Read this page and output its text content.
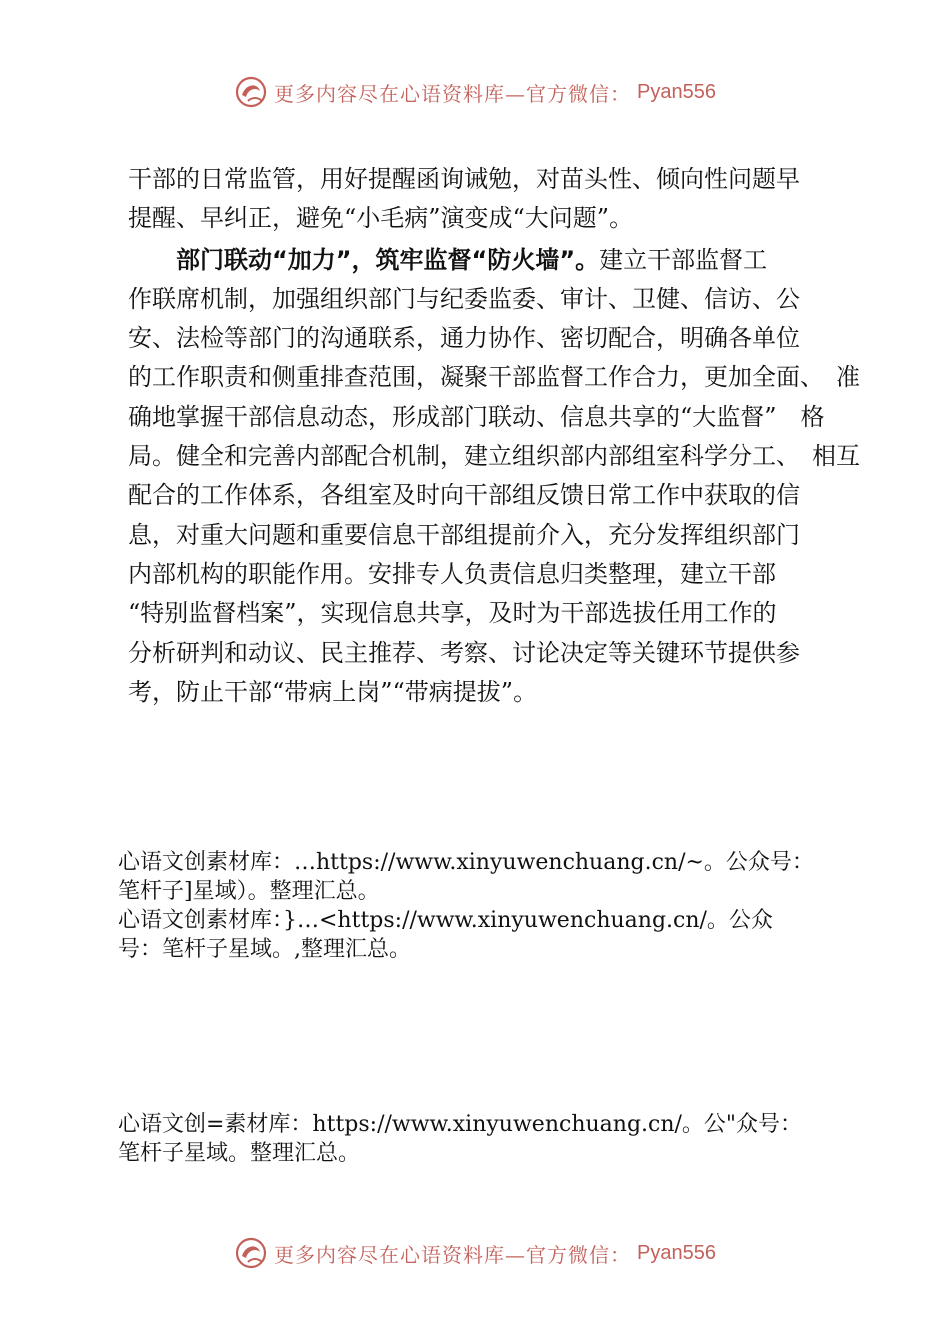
更多内容尽在心语资料库—官方微信： Pyan556
干部的日常监管，用好提醒函询诫勉，对苗头性、倾向性问题早
提醒、早纠正，避免“小毛病”演变成“大问题”。
部门联动“加力”，筑牢监督“防火墙”。建立干部监督工
作联席机制，加强组织部门与纪委监委、审计、卫健、信访、公
安、法检等部门的沟通联系，通力协作、密切配合，明确各单位
的工作职责和侧重排查范围，凝聚干部监督工作合力，更加全面、　准
确地掌握干部信息动态，形成部门联动、信息共享的“大监督”　格
局。健全和完善内部配合机制，建立组织部内部组室科学分工、　相互
配合的工作体系，各组室及时向干部组反馈日常工作中获取的信
息，对重大问题和重要信息干部组提前介入，充分发挥组织部门
内部机构的职能作用。安排专人负责信息归类整理，建立干部
“特别监督档案”，实现信息共享，及时为干部选拔任用工作的
分析研判和动议、民主推荐、考察、讨论决定等关键环节提供参
考，防止干部“带病上岗”“带病提拔”。
心语文创素材库：…https://www.xinyuwenchuang.cn/~。公众号：
笔杆子]星域）。整理汇总。
心语文创素材库：}…<https://www.xinyuwenchuang.cn/。公众
号：笔杆子星域。,整理汇总。
心语文创=素材库：https://www.xinyuwenchuang.cn/。公"众号：
笔杆子星域。整理汇总。
更多内容尽在心语资料库—官方微信： Pyan556
